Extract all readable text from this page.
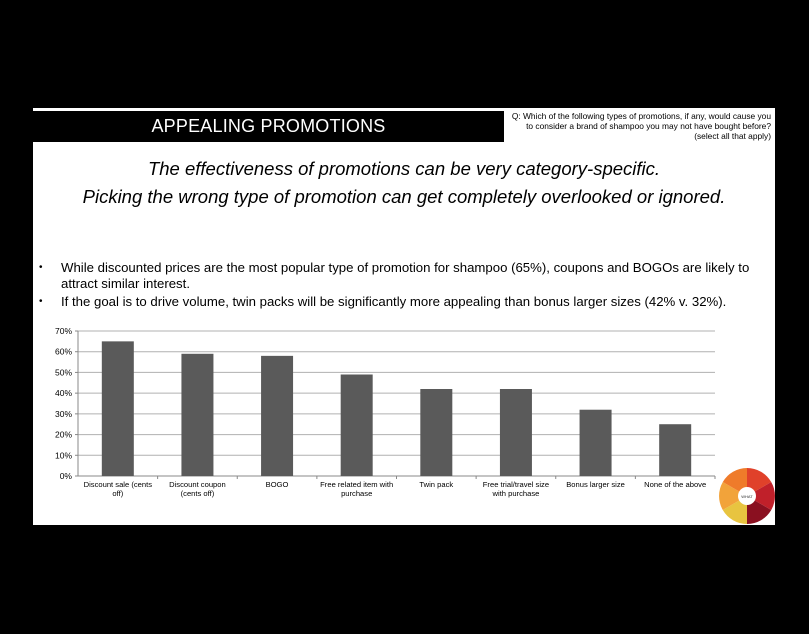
APPEALING PROMOTIONS	Q: Which of the following types of promotions, if any, would cause you to consider a brand of shampoo you may not have bought before? (select all that apply)
The effectiveness of promotions can be very category-specific.
Picking the wrong type of promotion can get completely overlooked or ignored.
• While discounted prices are the most popular type of promotion for shampoo (65%), coupons and BOGOs are likely to attract similar interest.
• If the goal is to drive volume, twin packs will be significantly more appealing than bonus larger sizes (42% v. 32%).
0%
10%
20%
30%
40%
50%
60%
70%
Discount sale (cents
off)
Discount coupon
(cents off)
BOGO	Free related item with
purchase
Twin pack	Free trial/travel size
with purchase
Bonus larger size	None of the above
WHAT
